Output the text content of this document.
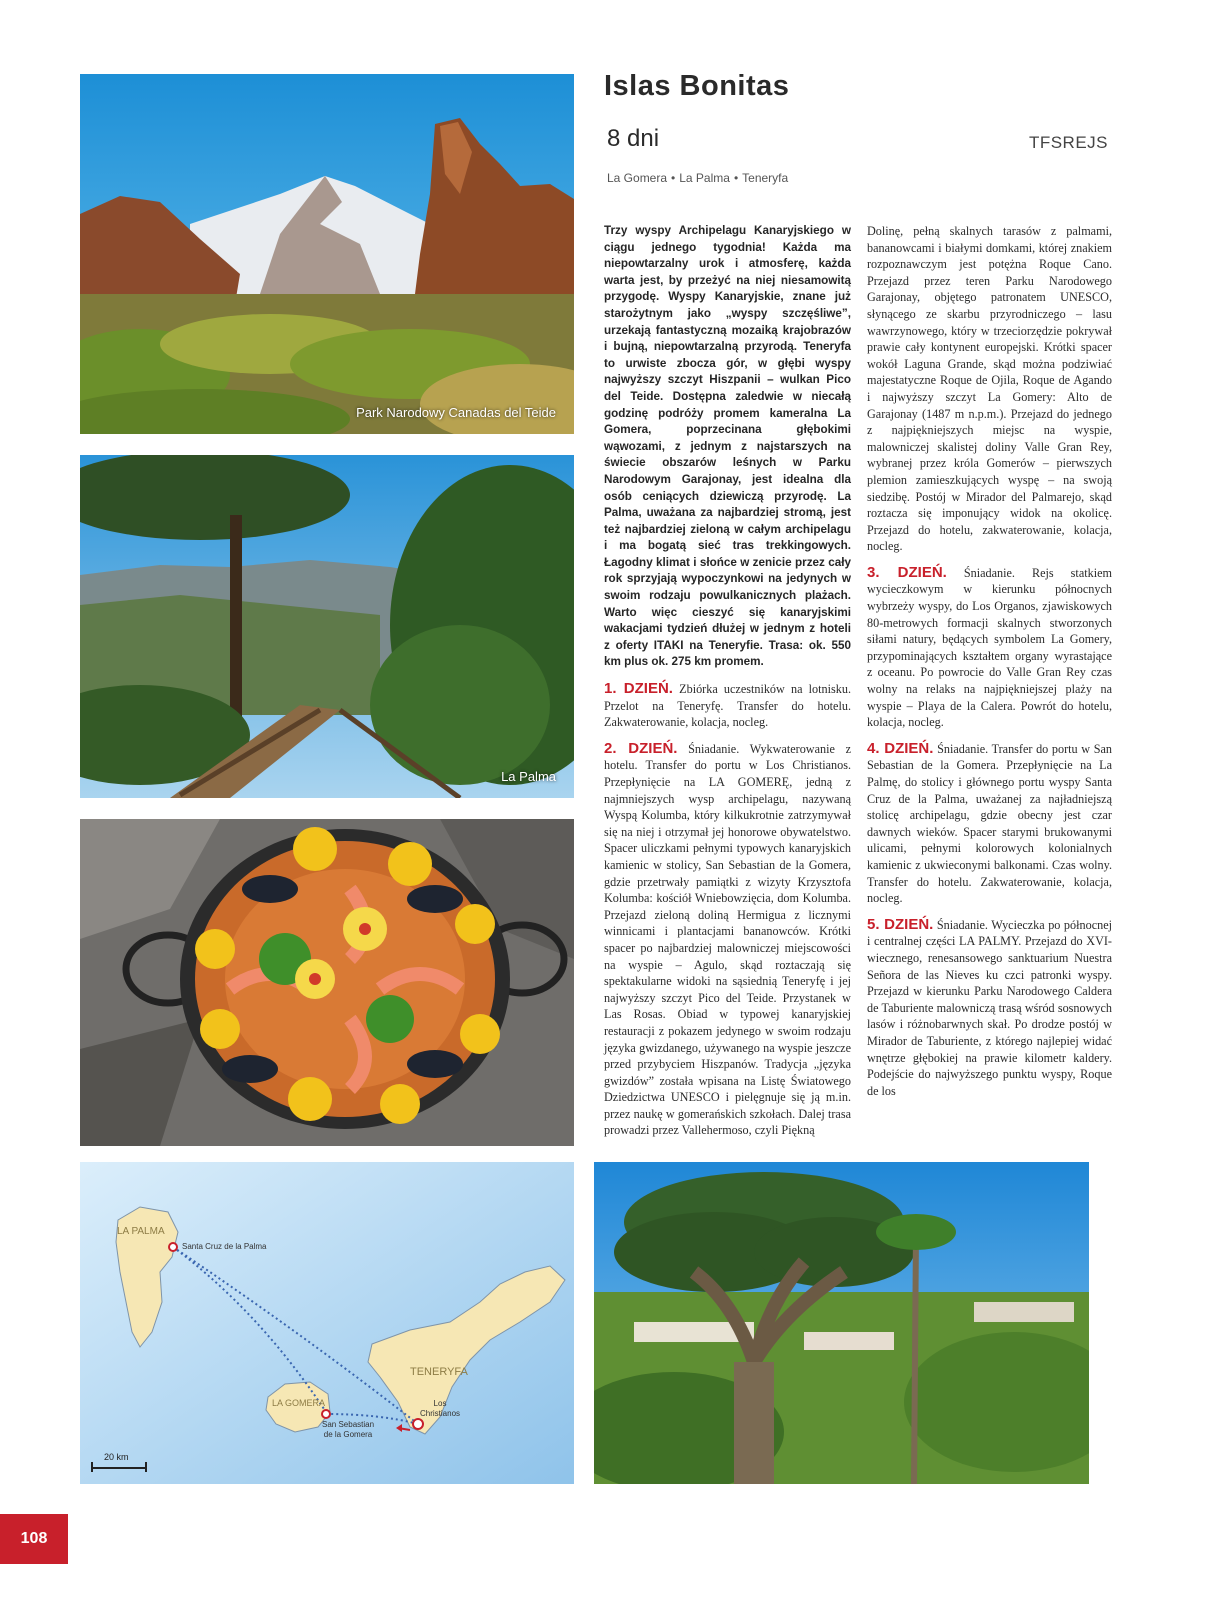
Park Narodowy Canadas del Teide
La Palma
LA PALMA
LA GOMERA
TENERYFA
Santa Cruz de la Palma
San Sebastian
de la Gomera
Los
Christianos
20 km
Islas Bonitas
8 dni	TFSREJS
La Gomera • La Palma • Teneryfa

Trzy wyspy Archipelagu Kanaryjskiego w ciągu jednego tygodnia! Każda ma niepowtarzalny urok i atmosferę, każda warta jest, by przeżyć na niej niesamowitą przygodę. Wyspy Kanaryjskie, znane już starożytnym jako „wyspy szczęśliwe”, urzekają fantastyczną mozaiką krajobrazów i bujną, niepowtarzalną przyrodą. Teneryfa to urwiste zbocza gór, w głębi wyspy najwyższy szczyt Hiszpanii – wulkan Pico del Teide. Dostępna zaledwie w niecałą godzinę podróży promem kameralna La Gomera, poprzecinana głębokimi wąwozami, z jednym z najstarszych na świecie obszarów leśnych w Parku Narodowym Garajonay, jest idealna dla osób ceniących dziewiczą przyrodę. La Palma, uważana za najbardziej stromą, jest też najbardziej zieloną w całym archipelagu i ma bogatą sieć tras trekkingowych. Łagodny klimat i słońce w zenicie przez cały rok sprzyjają wypoczynkowi na jedynych w swoim rodzaju powulkanicznych plażach. Warto więc cieszyć się kanaryjskimi wakacjami tydzień dłużej w jednym z hoteli z oferty ITAKI na Teneryfie. Trasa: ok. 550 km plus ok. 275 km promem.

1. DZIEŃ. Zbiórka uczestników na lotnisku. Przelot na Teneryfę. Transfer do hotelu. Zakwaterowanie, kolacja, nocleg.

2. DZIEŃ. Śniadanie. Wykwaterowanie z hotelu. Transfer do portu w Los Christianos. Przepłynięcie na LA GOMERĘ, jedną z najmniejszych wysp archipelagu, nazywaną Wyspą Kolumba, który kilkukrotnie zatrzymywał się na niej i otrzymał jej honorowe obywatelstwo. Spacer uliczkami pełnymi typowych kanaryjskich kamienic w stolicy, San Sebastian de la Gomera, gdzie przetrwały pamiątki z wizyty Krzysztofa Kolumba: kościół Wniebowzięcia, dom Kolumba. Przejazd zieloną doliną Hermigua z licznymi winnicami i plantacjami bananowców. Krótki spacer po najbardziej malowniczej miejscowości na wyspie – Agulo, skąd roztaczają się spektakularne widoki na sąsiednią Teneryfę i jej najwyższy szczyt Pico del Teide. Przystanek w Las Rosas. Obiad w typowej kanaryjskiej restauracji z pokazem jedynego w swoim rodzaju języka gwizdanego, używanego na wyspie jeszcze przed przybyciem Hiszpanów. Tradycja „języka gwizdów” została wpisana na Listę Światowego Dziedzictwa UNESCO i pielęgnuje się ją m.in. przez naukę w gomerańskich szkołach. Dalej trasa prowadzi przez Vallehermoso, czyli Piękną

Dolinę, pełną skalnych tarasów z palmami, bananowcami i białymi domkami, której znakiem rozpoznawczym jest potężna Roque Cano. Przejazd przez teren Parku Narodowego Garajonay, objętego patronatem UNESCO, słynącego ze skarbu przyrodniczego – lasu wawrzynowego, który w trzeciorzędzie pokrywał prawie cały kontynent europejski. Krótki spacer wokół Laguna Grande, skąd można podziwiać majestatyczne Roque de Ojila, Roque de Agando i najwyższy szczyt La Gomery: Alto de Garajonay (1487 m n.p.m.). Przejazd do jednego z najpiękniejszych miejsc na wyspie, malowniczej skalistej doliny Valle Gran Rey, wybranej przez króla Gomerów – pierwszych plemion zamieszkujących wyspę – na swoją siedzibę. Postój w Mirador del Palmarejo, skąd roztacza się imponujący widok na okolicę. Przejazd do hotelu, zakwaterowanie, kolacja, nocleg.

3. DZIEŃ. Śniadanie. Rejs statkiem wycieczkowym w kierunku północnych wybrzeży wyspy, do Los Organos, zjawiskowych 80-metrowych formacji skalnych stworzonych siłami natury, będących symbolem La Gomery, przypominających kształtem organy wyrastające z oceanu. Po powrocie do Valle Gran Rey czas wolny na relaks na najpiękniejszej plaży na wyspie – Playa de la Calera. Powrót do hotelu, kolacja, nocleg.

4. DZIEŃ. Śniadanie. Transfer do portu w San Sebastian de la Gomera. Przepłynięcie na La Palmę, do stolicy i głównego portu wyspy Santa Cruz de la Palma, uważanej za najładniejszą stolicę archipelagu, gdzie obecny jest czar dawnych wieków. Spacer starymi brukowanymi ulicami, pełnymi kolorowych kolonialnych kamienic z ukwieconymi balkonami. Czas wolny. Transfer do hotelu. Zakwaterowanie, kolacja, nocleg.

5. DZIEŃ. Śniadanie. Wycieczka po północnej i centralnej części LA PALMY. Przejazd do XVI-wiecznego, renesansowego sanktuarium Nuestra Señora de las Nieves ku czci patronki wyspy. Przejazd w kierunku Parku Narodowego Caldera de Taburiente malowniczą trasą wśród sosnowych lasów i różnobarwnych skał. Po drodze postój w Mirador de Taburiente, z którego najlepiej widać wnętrze głębokiej na prawie kilometr kaldery. Podejście do najwyższego punktu wyspy, Roque de los

108
